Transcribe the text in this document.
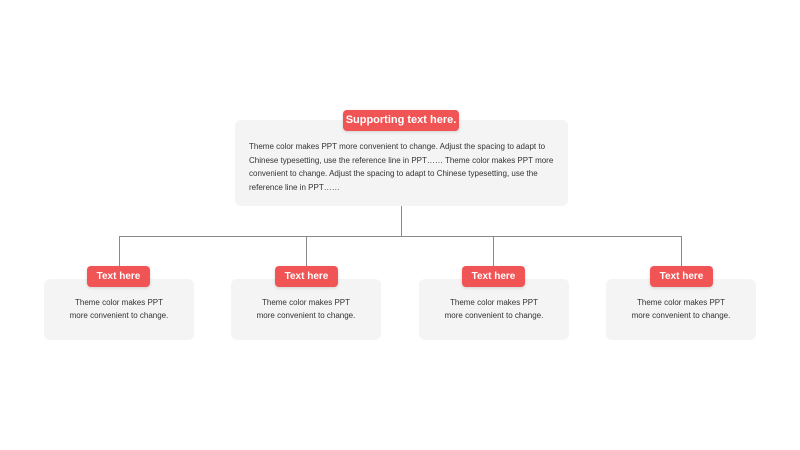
Theme color makes PPT more convenient to change. Adjust the spacing to adapt to Chinese typesetting, use the reference line in PPT…… Theme color makes PPT more convenient to change. Adjust the spacing to adapt to Chinese typesetting, use the reference line in PPT……
Supporting text here.
Theme color makes PPT
more convenient to change.
Text here
Theme color makes PPT
more convenient to change.
Text here
Theme color makes PPT
more convenient to change.
Text here
Theme color makes PPT
more convenient to change.
Text here
